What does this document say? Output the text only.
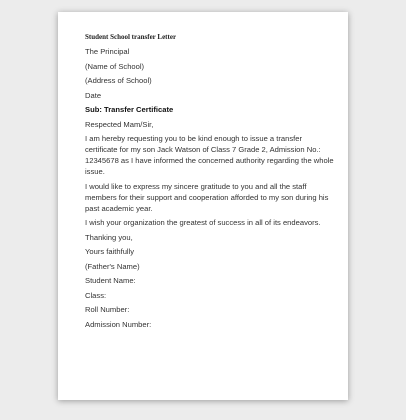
Student School transfer Letter
The Principal
(Name of School)
(Address of School)
Date
Sub: Transfer Certificate
Respected Mam/Sir,
I am hereby requesting you to be kind enough to issue a transfer certificate for my son Jack Watson of Class 7 Grade 2, Admission No.: 12345678 as I have informed the concerned authority regarding the whole issue.
I would like to express my sincere gratitude to you and all the staff members for their support and cooperation afforded to my son during his past academic year.
I wish your organization the greatest of success in all of its endeavors.
Thanking you,
Yours faithfully
(Father's Name)
Student Name:
Class:
Roll Number:
Admission Number:
